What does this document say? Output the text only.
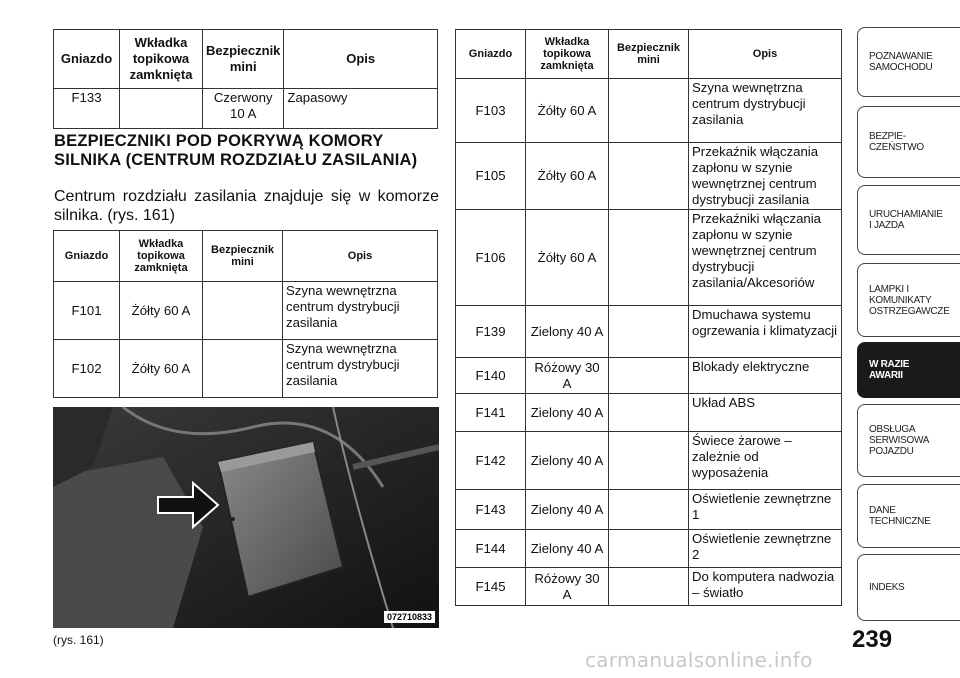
Gniazdo	Wkładka topikowa zamknięta	Bezpiecznik mini	Opis
F133		Czerwony 10 A	Zapasowy
BEZPIECZNIKI POD POKRYWĄ KOMORY SILNIKA (CENTRUM ROZDZIAŁU ZASILANIA)
Centrum rozdziału zasilania znajduje się w komorze silnika. (rys. 161)
Gniazdo	Wkładka topikowa zamknięta	Bezpiecznik mini	Opis
F101	Żółty 60 A		Szyna wewnętrzna centrum dystrybucji zasilania
F102	Żółty 60 A		Szyna wewnętrzna centrum dystrybucji zasilania
072710833
(rys. 161)
Gniazdo	Wkładka topikowa zamknięta	Bezpiecznik mini	Opis
F103	Żółty 60 A		Szyna wewnętrzna centrum dystrybucji zasilania
F105	Żółty 60 A		Przekaźnik włączania zapłonu w szynie wewnętrznej centrum dystrybucji zasilania
F106	Żółty 60 A		Przekaźniki włączania zapłonu w szynie wewnętrznej centrum dystrybucji zasilania/Akcesoriów
F139	Zielony 40 A		Dmuchawa systemu ogrzewania i klimatyzacji
F140	Różowy 30 A		Blokady elektryczne
F141	Zielony 40 A		Układ ABS
F142	Zielony 40 A		Świece żarowe – zależnie od wyposażenia
F143	Zielony 40 A		Oświetlenie zewnętrzne 1
F144	Zielony 40 A		Oświetlenie zewnętrzne 2
F145	Różowy 30 A		Do komputera nadwozia – światło
239
POZNAWANIE
SAMOCHODU
BEZPIE-
CZEŃSTWO
URUCHAMIANIE
I JAZDA
LAMPKI I
KOMUNIKATY
OSTRZEGAWCZE
W RAZIE
AWARII
OBSŁUGA
SERWISOWA
POJAZDU
DANE
TECHNICZNE
INDEKS
carmanualsonline.info
